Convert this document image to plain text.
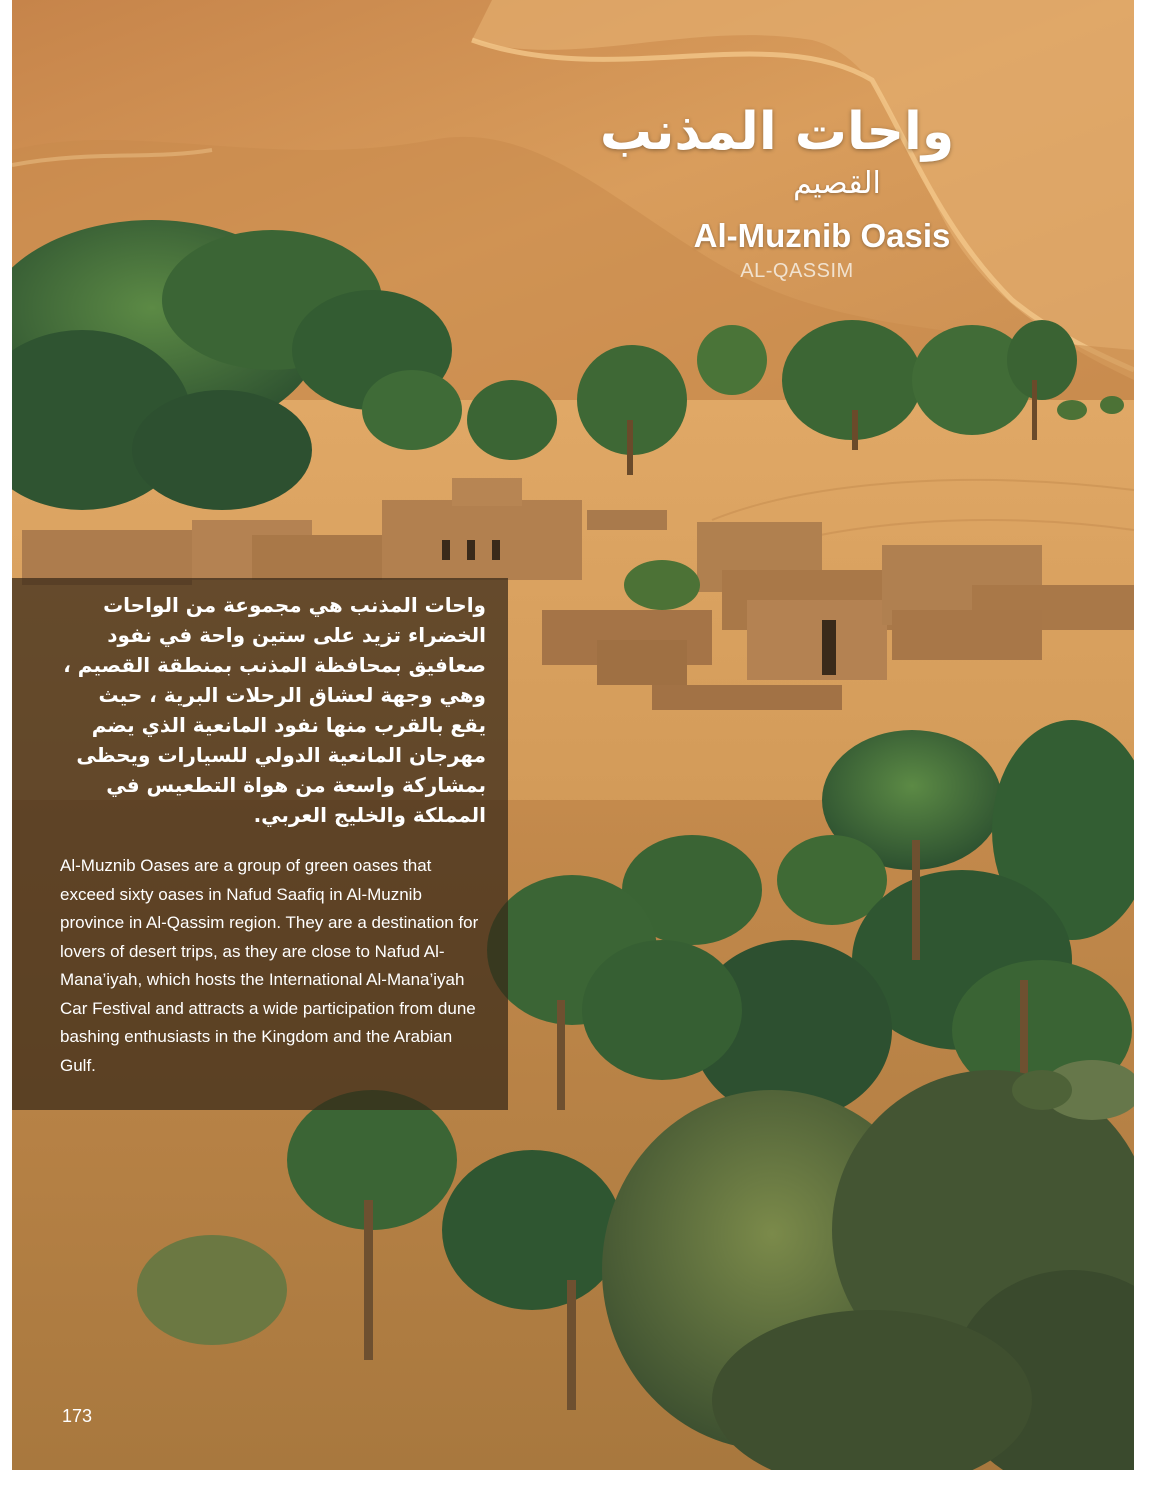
واحات المذنب

القصيم

Al-Muznib Oasis

AL-QASSIM

واحات المذنب هي مجموعة من الواحات الخضراء تزيد على ستين واحة في نفود صعافيق بمحافظة المذنب بمنطقة القصيم ، وهي وجهة لعشاق الرحلات البرية ، حيث يقع بالقرب منها نفود المانعية الذي يضم مهرجان المانعية الدولي للسيارات ويحظى بمشاركة واسعة من هواة التطعيس في المملكة والخليج العربي.

Al-Muznib Oases are a group of green oases that exceed sixty oases in Nafud Saafiq in Al-Muznib province in Al-Qassim region. They are a destination for lovers of desert trips, as they are close to Nafud Al-Mana’iyah, which hosts the International Al-Mana’iyah Car Festival and attracts a wide participation from dune bashing enthusiasts in the Kingdom and the Arabian Gulf.

173
